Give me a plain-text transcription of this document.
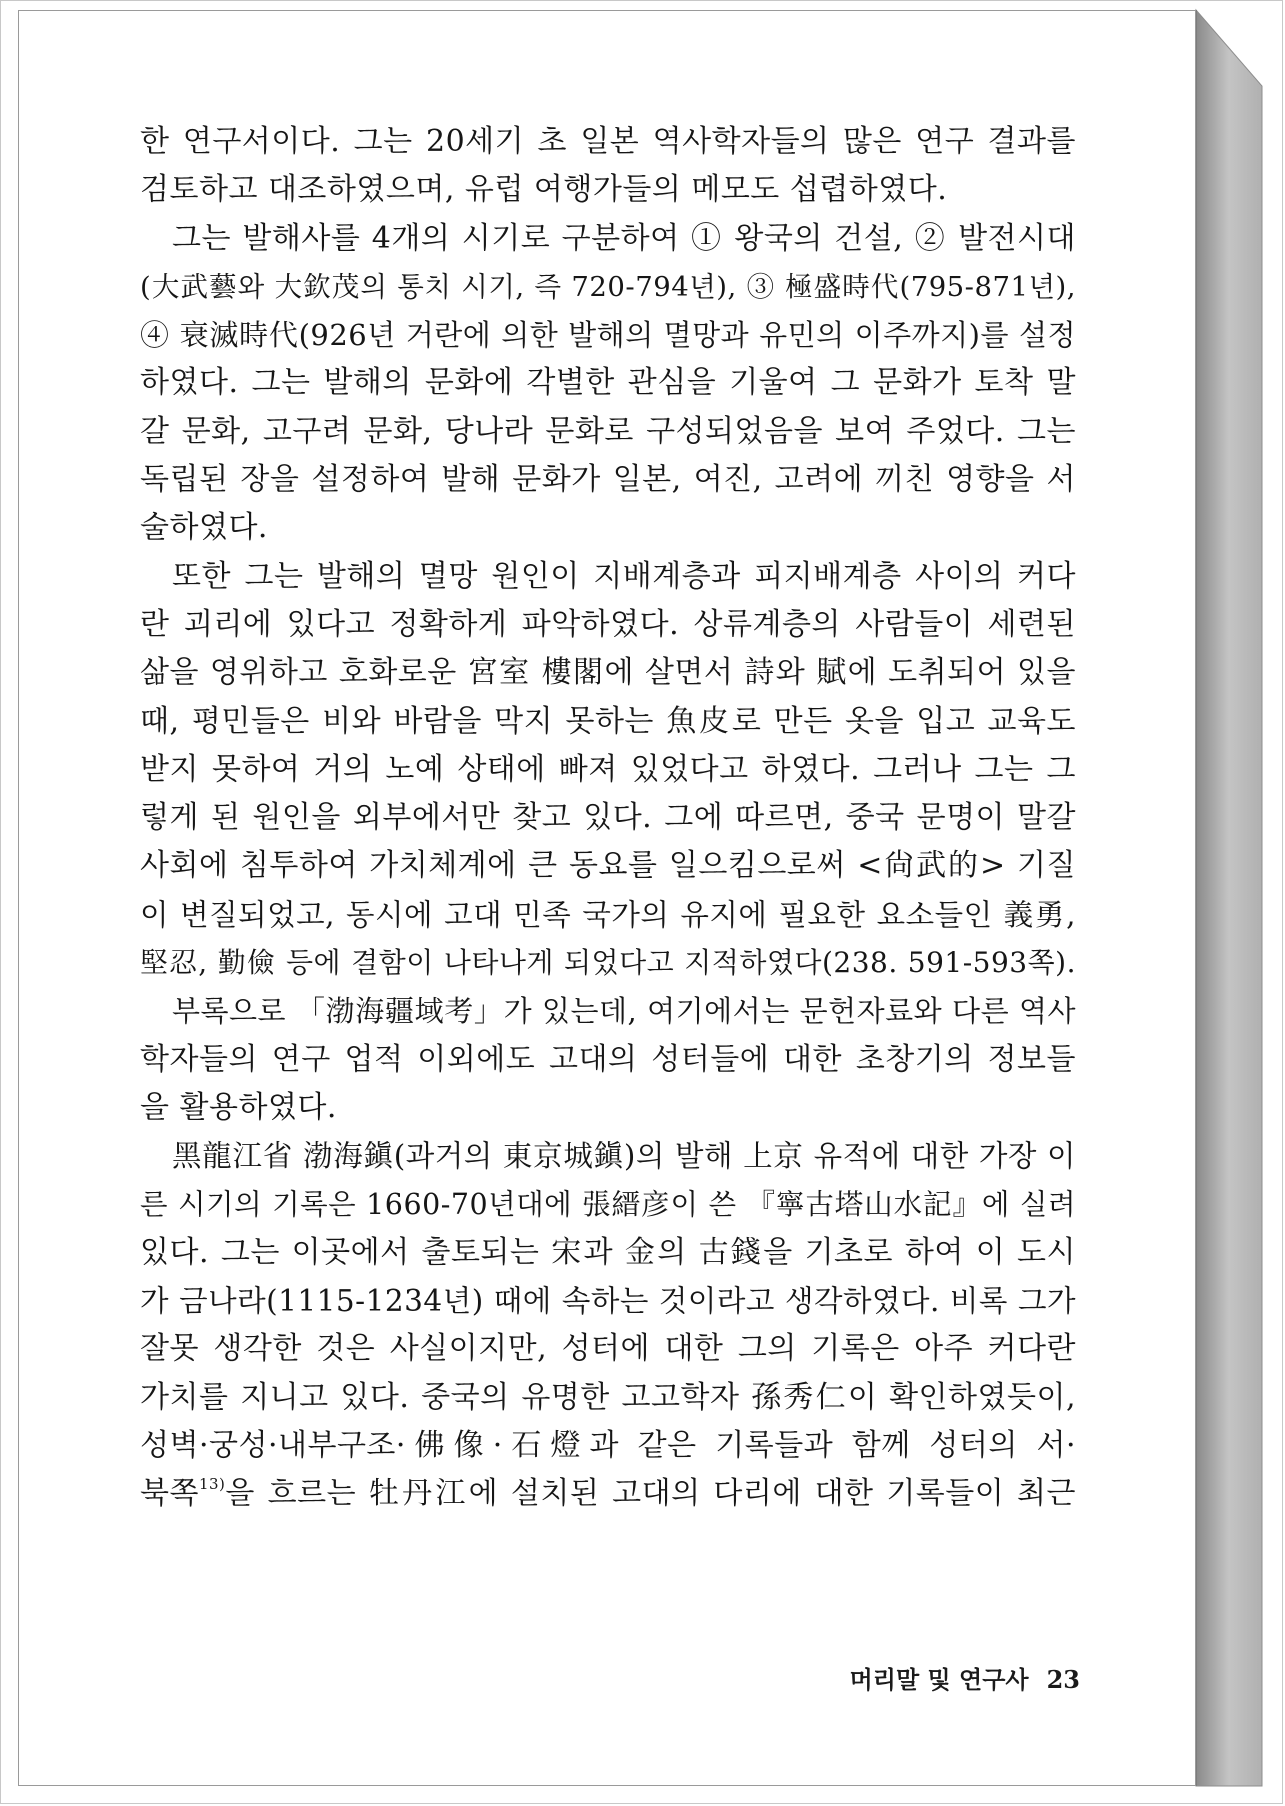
한 연구서이다. 그는 20세기 초 일본 역사학자들의 많은 연구 결과를
검토하고 대조하였으며, 유럽 여행가들의 메모도 섭렵하였다.
그는 발해사를 4개의 시기로 구분하여 ① 왕국의 건설, ② 발전시대
(大武藝와 大欽茂의 통치 시기, 즉 720-794년), ③ 極盛時代(795-871년),
④ 衰滅時代(926년 거란에 의한 발해의 멸망과 유민의 이주까지)를 설정
하였다. 그는 발해의 문화에 각별한 관심을 기울여 그 문화가 토착 말
갈 문화, 고구려 문화, 당나라 문화로 구성되었음을 보여 주었다. 그는
독립된 장을 설정하여 발해 문화가 일본, 여진, 고려에 끼친 영향을 서
술하였다.
또한 그는 발해의 멸망 원인이 지배계층과 피지배계층 사이의 커다
란 괴리에 있다고 정확하게 파악하였다. 상류계층의 사람들이 세련된
삶을 영위하고 호화로운 宮室 樓閣에 살면서 詩와 賦에 도취되어 있을
때, 평민들은 비와 바람을 막지 못하는 魚皮로 만든 옷을 입고 교육도
받지 못하여 거의 노예 상태에 빠져 있었다고 하였다. 그러나 그는 그
렇게 된 원인을 외부에서만 찾고 있다. 그에 따르면, 중국 문명이 말갈
사회에 침투하여 가치체계에 큰 동요를 일으킴으로써 <尙武的> 기질
이 변질되었고, 동시에 고대 민족 국가의 유지에 필요한 요소들인 義勇,
堅忍, 勤儉 등에 결함이 나타나게 되었다고 지적하였다(238. 591-593쪽).
부록으로 「渤海疆域考」가 있는데, 여기에서는 문헌자료와 다른 역사
학자들의 연구 업적 이외에도 고대의 성터들에 대한 초창기의 정보들
을 활용하였다.
黑龍江省 渤海鎭(과거의 東京城鎭)의 발해 上京 유적에 대한 가장 이
른 시기의 기록은 1660-70년대에 張縉彦이 쓴 『寧古塔山水記』에 실려
있다. 그는 이곳에서 출토되는 宋과 金의 古錢을 기초로 하여 이 도시
가 금나라(1115-1234년) 때에 속하는 것이라고 생각하였다. 비록 그가
잘못 생각한 것은 사실이지만, 성터에 대한 그의 기록은 아주 커다란
가치를 지니고 있다. 중국의 유명한 고고학자 孫秀仁이 확인하였듯이,
성벽·궁성·내부구조·佛像·石燈과 같은 기록들과 함께 성터의 서·
북쪽$^{13)}$을 흐르는 牡丹江에 설치된 고대의 다리에 대한 기록들이 최근
머리말 및 연구사 23
